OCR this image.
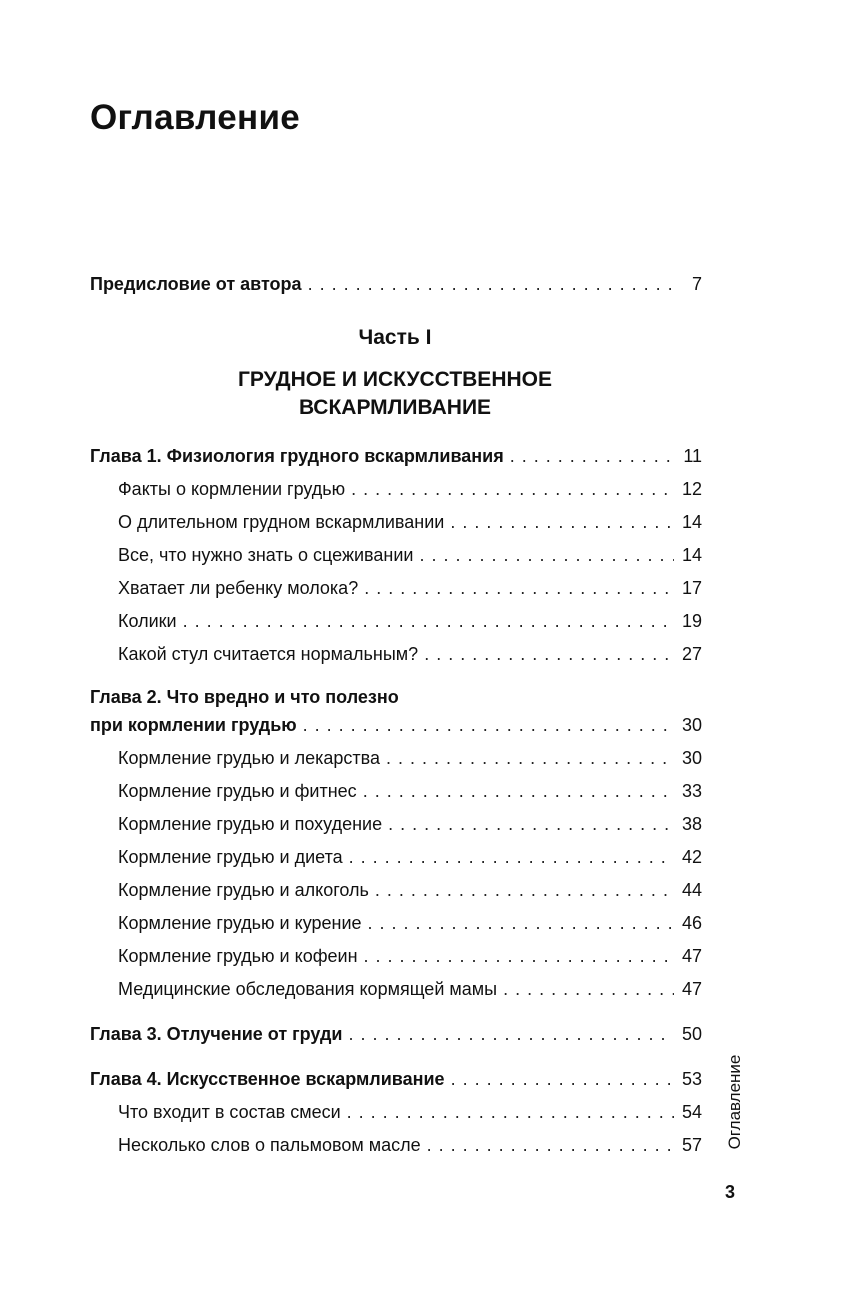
Оглавление
Предисловие от автора . . .	7
Часть I
ГРУДНОЕ И ИСКУССТВЕННОЕ
ВСКАРМЛИВАНИЕ
Глава 1. Физиология грудного вскармливания . . .	11
Факты о кормлении грудью . . .	12
О длительном грудном вскармливании . . .	14
Все, что нужно знать о сцеживании . . .	14
Хватает ли ребенку молока? . . .	17
Колики . . .	19
Какой стул считается нормальным? . . .	27
Глава 2. Что вредно и что полезно
при кормлении грудью . . .	30
Кормление грудью и лекарства . . .	30
Кормление грудью и фитнес . . .	33
Кормление грудью и похудение . . .	38
Кормление грудью и диета . . .	42
Кормление грудью и алкоголь . . .	44
Кормление грудью и курение . . .	46
Кормление грудью и кофеин . . .	47
Медицинские обследования кормящей мамы . . .	47
Глава 3. Отлучение от груди . . .	50
Глава 4. Искусственное вскармливание . . .	53
Что входит в состав смеси . . .	54
Несколько слов о пальмовом масле . . .	57 Оглавление
3
